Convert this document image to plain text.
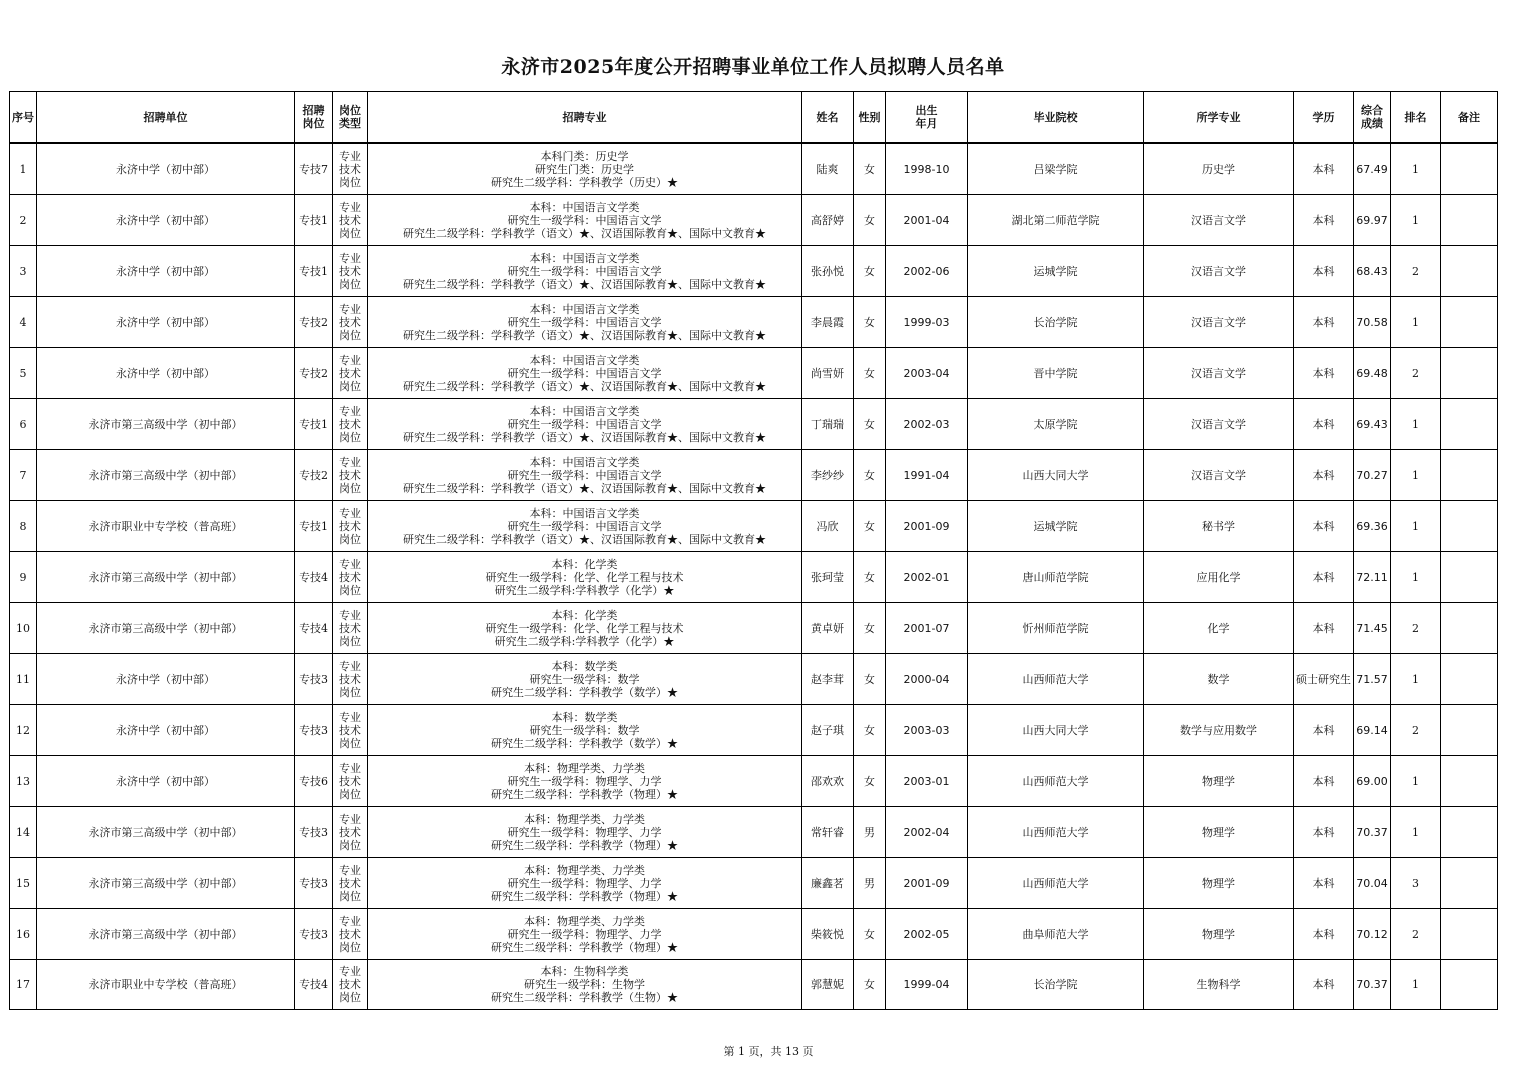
永济市2025年度公开招聘事业单位工作人员拟聘人员名单
序号	招聘单位	招聘
岗位	岗位
类型	招聘专业	姓名	性别	出生
年月	毕业院校	所学专业	学历	综合
成绩	排名	备注
1	永济中学（初中部）	专技7	专业
技术
岗位	本科门类：历史学
研究生门类：历史学
研究生二级学科：学科教学（历史）★	陆爽	女	1998-10	吕梁学院	历史学	本科	67.49	1	
2	永济中学（初中部）	专技1	专业
技术
岗位	本科：中国语言文学类
研究生一级学科：中国语言文学
研究生二级学科：学科教学（语文）★、汉语国际教育★、国际中文教育★	高舒婷	女	2001-04	湖北第二师范学院	汉语言文学	本科	69.97	1	
3	永济中学（初中部）	专技1	专业
技术
岗位	本科：中国语言文学类
研究生一级学科：中国语言文学
研究生二级学科：学科教学（语文）★、汉语国际教育★、国际中文教育★	张孙悦	女	2002-06	运城学院	汉语言文学	本科	68.43	2	
4	永济中学（初中部）	专技2	专业
技术
岗位	本科：中国语言文学类
研究生一级学科：中国语言文学
研究生二级学科：学科教学（语文）★、汉语国际教育★、国际中文教育★	李晨霞	女	1999-03	长治学院	汉语言文学	本科	70.58	1	
5	永济中学（初中部）	专技2	专业
技术
岗位	本科：中国语言文学类
研究生一级学科：中国语言文学
研究生二级学科：学科教学（语文）★、汉语国际教育★、国际中文教育★	尚雪妍	女	2003-04	晋中学院	汉语言文学	本科	69.48	2	
6	永济市第三高级中学（初中部）	专技1	专业
技术
岗位	本科：中国语言文学类
研究生一级学科：中国语言文学
研究生二级学科：学科教学（语文）★、汉语国际教育★、国际中文教育★	丁瑞瑞	女	2002-03	太原学院	汉语言文学	本科	69.43	1	
7	永济市第三高级中学（初中部）	专技2	专业
技术
岗位	本科：中国语言文学类
研究生一级学科：中国语言文学
研究生二级学科：学科教学（语文）★、汉语国际教育★、国际中文教育★	李纱纱	女	1991-04	山西大同大学	汉语言文学	本科	70.27	1	
8	永济市职业中专学校（普高班）	专技1	专业
技术
岗位	本科：中国语言文学类
研究生一级学科：中国语言文学
研究生二级学科：学科教学（语文）★、汉语国际教育★、国际中文教育★	冯欣	女	2001-09	运城学院	秘书学	本科	69.36	1	
9	永济市第三高级中学（初中部）	专技4	专业
技术
岗位	本科：化学类
研究生一级学科：化学、化学工程与技术
研究生二级学科:学科教学（化学）★	张珂莹	女	2002-01	唐山师范学院	应用化学	本科	72.11	1	
10	永济市第三高级中学（初中部）	专技4	专业
技术
岗位	本科：化学类
研究生一级学科：化学、化学工程与技术
研究生二级学科:学科教学（化学）★	黄卓妍	女	2001-07	忻州师范学院	化学	本科	71.45	2	
11	永济中学（初中部）	专技3	专业
技术
岗位	本科：数学类
研究生一级学科：数学
研究生二级学科：学科教学（数学）★	赵李茸	女	2000-04	山西师范大学	数学	硕士研究生	71.57	1	
12	永济中学（初中部）	专技3	专业
技术
岗位	本科：数学类
研究生一级学科：数学
研究生二级学科：学科教学（数学）★	赵子琪	女	2003-03	山西大同大学	数学与应用数学	本科	69.14	2	
13	永济中学（初中部）	专技6	专业
技术
岗位	本科：物理学类、力学类
研究生一级学科：物理学、力学
研究生二级学科：学科教学（物理）★	邵欢欢	女	2003-01	山西师范大学	物理学	本科	69.00	1	
14	永济市第三高级中学（初中部）	专技3	专业
技术
岗位	本科：物理学类、力学类
研究生一级学科：物理学、力学
研究生二级学科：学科教学（物理）★	常轩睿	男	2002-04	山西师范大学	物理学	本科	70.37	1	
15	永济市第三高级中学（初中部）	专技3	专业
技术
岗位	本科：物理学类、力学类
研究生一级学科：物理学、力学
研究生二级学科：学科教学（物理）★	廉鑫茗	男	2001-09	山西师范大学	物理学	本科	70.04	3	
16	永济市第三高级中学（初中部）	专技3	专业
技术
岗位	本科：物理学类、力学类
研究生一级学科：物理学、力学
研究生二级学科：学科教学（物理）★	柴筱悦	女	2002-05	曲阜师范大学	物理学	本科	70.12	2	
17	永济市职业中专学校（普高班）	专技4	专业
技术
岗位	本科：生物科学类
研究生一级学科：生物学
研究生二级学科：学科教学（生物）★	郭慧妮	女	1999-04	长治学院	生物科学	本科	70.37	1	
第 1 页，共 13 页
